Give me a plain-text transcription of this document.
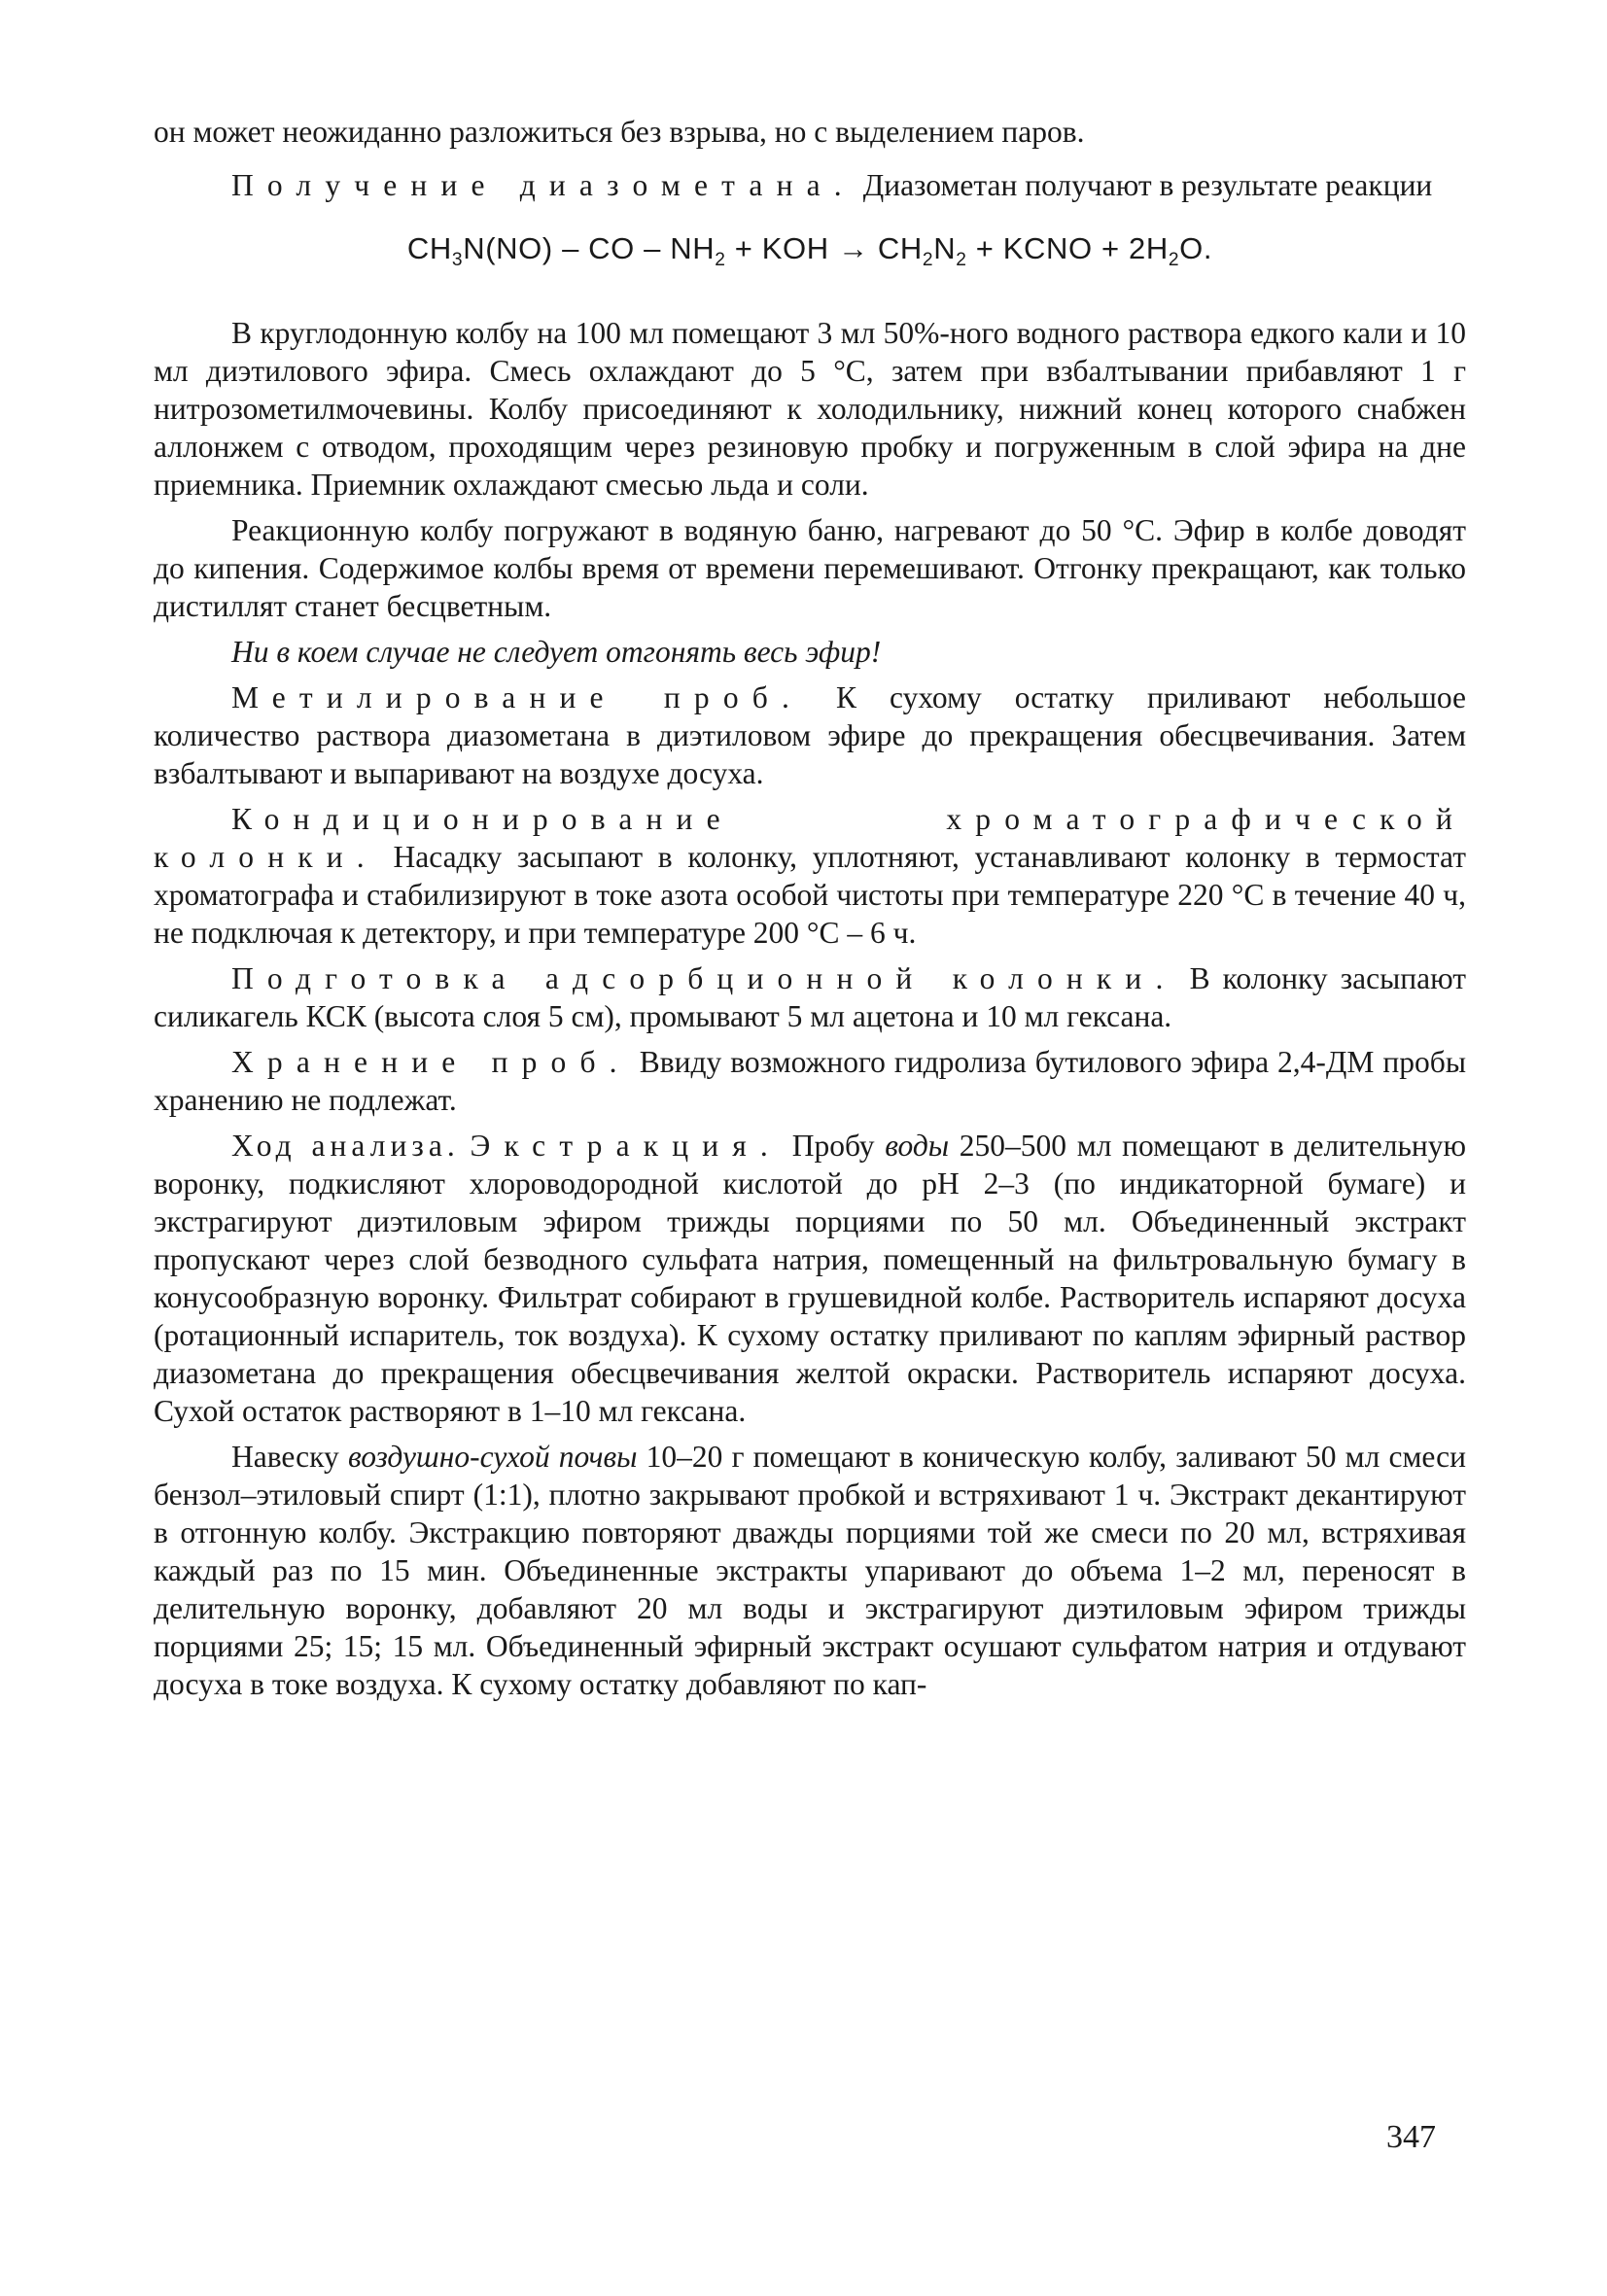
он может неожиданно разложиться без взрыва, но с выделением паров.

Получение диазометана. Диазометан получают в результате реакции

$CH_3N(NO)$ – CO – $NH_2$ + KOH → $CH_2N_2$ + KCNO + $2H_2O$.

В круглодонную колбу на 100 мл помещают 3 мл 50%-ного водного раствора едкого кали и 10 мл диэтилового эфира. Смесь охлаждают до 5 °С, затем при взбалтывании прибавляют 1 г нитрозометилмочевины. Колбу присоединяют к холодильнику, нижний конец которого снабжен аллонжем с отводом, проходящим через резиновую пробку и погруженным в слой эфира на дне приемника. Приемник охлаждают смесью льда и соли.

Реакционную колбу погружают в водяную баню, нагревают до 50 °С. Эфир в колбе доводят до кипения. Содержимое колбы время от времени перемешивают. Отгонку прекращают, как только дистиллят станет бесцветным.

Ни в коем случае не следует отгонять весь эфир!

Метилирование проб. К сухому остатку приливают небольшое количество раствора диазометана в диэтиловом эфире до прекращения обесцвечивания. Затем взбалтывают и выпаривают на воздухе досуха.

Кондиционирование хроматографической колонки. Насадку засыпают в колонку, уплотняют, устанавливают колонку в термостат хроматографа и стабилизируют в токе азота особой чистоты при температуре 220 °С в течение 40 ч, не подключая к детектору, и при температуре 200 °С – 6 ч.

Подготовка адсорбционной колонки. В колонку засыпают силикагель КСК (высота слоя 5 см), промывают 5 мл ацетона и 10 мл гексана.

Хранение проб. Ввиду возможного гидролиза бутилового эфира 2,4-ДМ пробы хранению не подлежат.

Ход анализа. Экстракция. Пробу воды 250–500 мл помещают в делительную воронку, подкисляют хлороводородной кислотой до pH 2–3 (по индикаторной бумаге) и экстрагируют диэтиловым эфиром трижды порциями по 50 мл. Объединенный экстракт пропускают через слой безводного сульфата натрия, помещенный на фильтровальную бумагу в конусообразную воронку. Фильтрат собирают в грушевидной колбе. Растворитель испаряют досуха (ротационный испаритель, ток воздуха). К сухому остатку приливают по каплям эфирный раствор диазометана до прекращения обесцвечивания желтой окраски. Растворитель испаряют досуха. Сухой остаток растворяют в 1–10 мл гексана.

Навеску воздушно-сухой почвы 10–20 г помещают в коническую колбу, заливают 50 мл смеси бензол–этиловый спирт (1:1), плотно закрывают пробкой и встряхивают 1 ч. Экстракт декантируют в отгонную колбу. Экстракцию повторяют дважды порциями той же смеси по 20 мл, встряхивая каждый раз по 15 мин. Объединенные экстракты упаривают до объема 1–2 мл, переносят в делительную воронку, добавляют 20 мл воды и экстрагируют диэтиловым эфиром трижды порциями 25; 15; 15 мл. Объединенный эфирный экстракт осушают сульфатом натрия и отдувают досуха в токе воздуха. К сухому остатку добавляют по кап-

347
